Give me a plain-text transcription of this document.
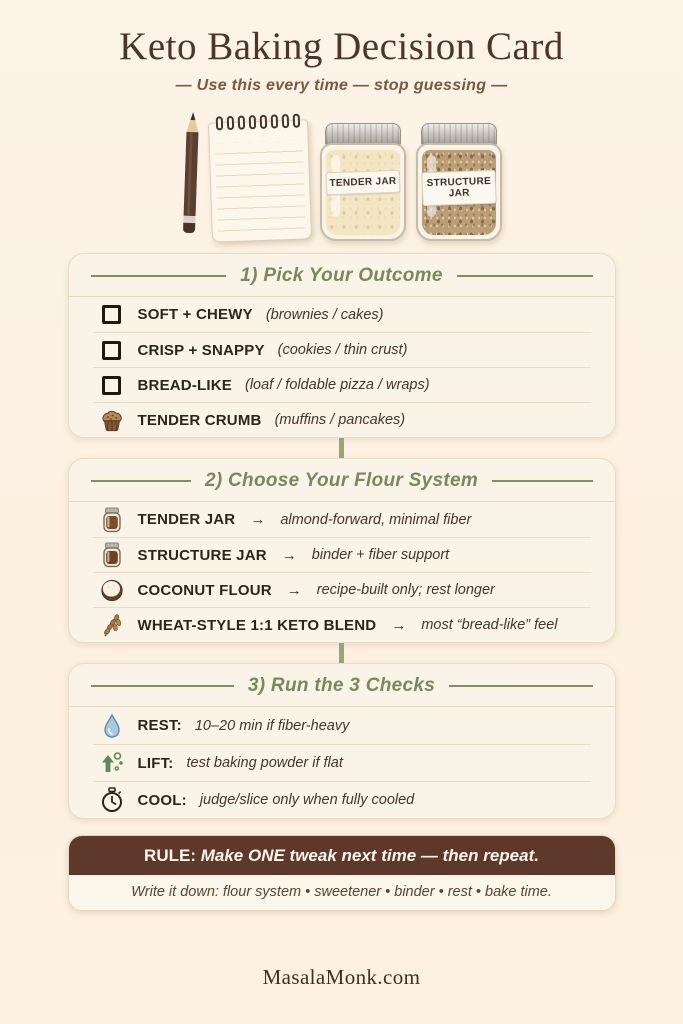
Keto Baking Decision Card
— Use this every time — stop guessing —
TENDER JAR	STRUCTURE JAR
1) Pick Your Outcome
SOFT + CHEWY (brownies / cakes)
CRISP + SNAPPY (cookies / thin crust)
BREAD-LIKE (loaf / foldable pizza / wraps)
TENDER CRUMB (muffins / pancakes)
2) Choose Your Flour System
TENDER JAR → almond-forward, minimal fiber
STRUCTURE JAR → binder + fiber support
COCONUT FLOUR → recipe-built only; rest longer
WHEAT-STYLE 1:1 KETO BLEND → most “bread-like” feel
3) Run the 3 Checks
REST: 10–20 min if fiber-heavy
LIFT: test baking powder if flat
COOL: judge/slice only when fully cooled
RULE: Make ONE tweak next time — then repeat.
Write it down: flour system • sweetener • binder • rest • bake time.
MasalaMonk.com
